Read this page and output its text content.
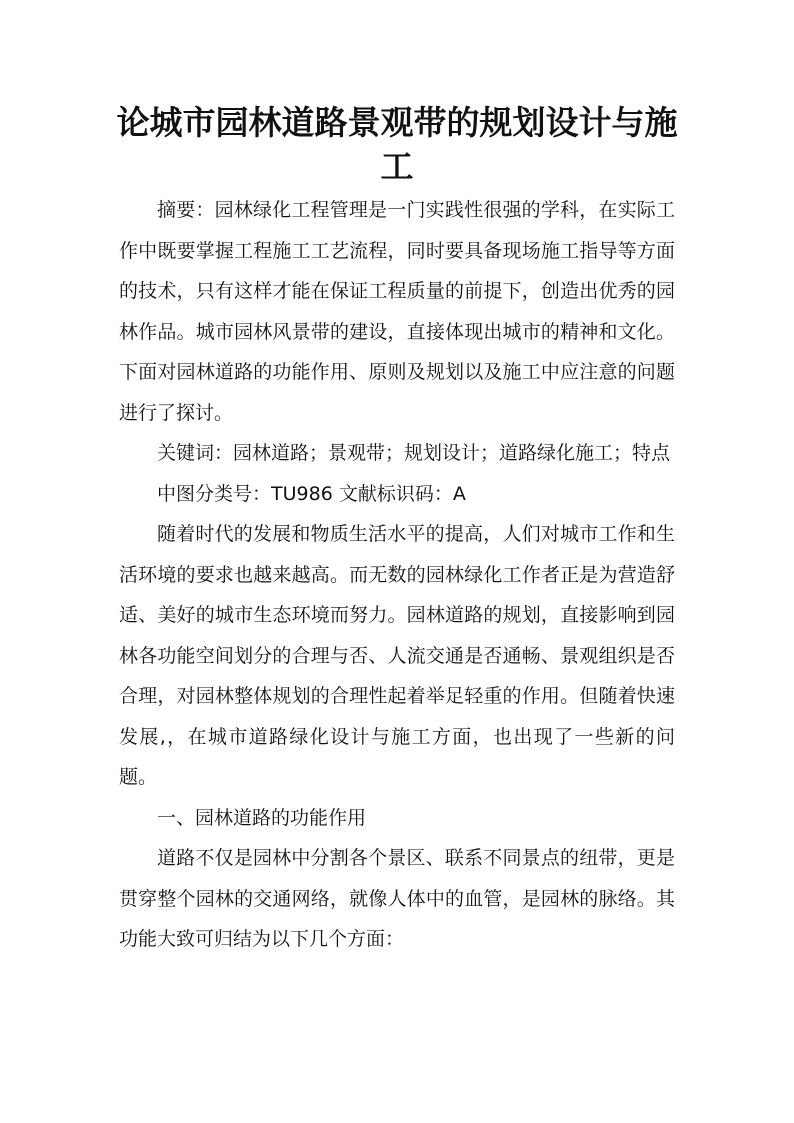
论城市园林道路景观带的规划设计与施
工

摘要：园林绿化工程管理是一门实践性很强的学科，在实际工作中既要掌握工程施工工艺流程，同时要具备现场施工指导等方面的技术，只有这样才能在保证工程质量的前提下，创造出优秀的园林作品。城市园林风景带的建设，直接体现出城市的精神和文化。下面对园林道路的功能作用、原则及规划以及施工中应注意的问题进行了探讨。

关键词：园林道路；景观带；规划设计；道路绿化施工；特点

中图分类号：TU986 文献标识码：A

随着时代的发展和物质生活水平的提高，人们对城市工作和生活环境的要求也越来越高。而无数的园林绿化工作者正是为营造舒适、美好的城市生态环境而努力。园林道路的规划，直接影响到园林各功能空间划分的合理与否、人流交通是否通畅、景观组织是否合理，对园林整体规划的合理性起着举足轻重的作用。但随着快速发展,，在城市道路绿化设计与施工方面，也出现了一些新的问题。

一、园林道路的功能作用

道路不仅是园林中分割各个景区、联系不同景点的纽带，更是贯穿整个园林的交通网络，就像人体中的血管，是园林的脉络。其功能大致可归结为以下几个方面：
